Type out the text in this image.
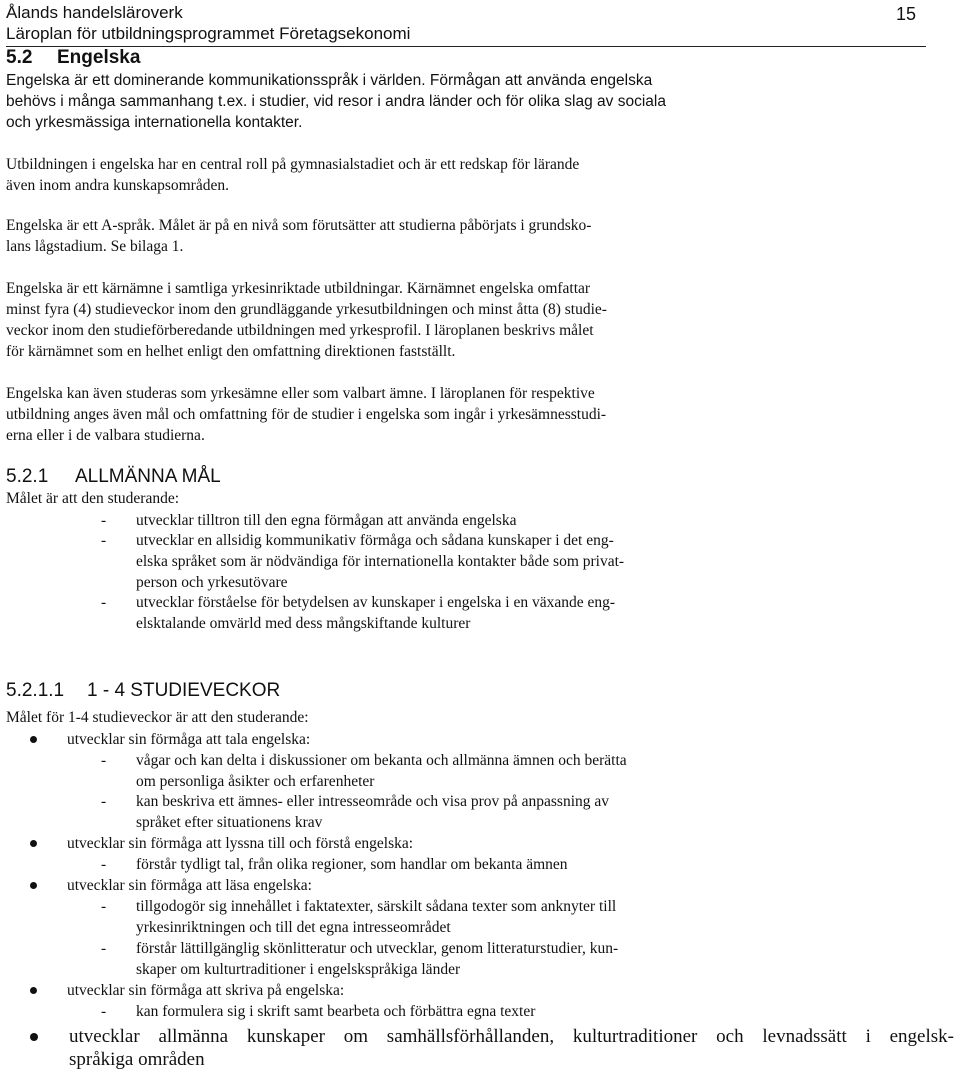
Ålands handelsläroverk
Läroplan för utbildningsprogrammet Företagsekonomi
15
5.2 Engelska
Engelska är ett dominerande kommunikationsspråk i världen. Förmågan att använda engelska
behövs i många sammanhang t.ex. i studier, vid resor i andra länder och för olika slag av sociala
och yrkesmässiga internationella kontakter.
Utbildningen i engelska har en central roll på gymnasialstadiet och är ett redskap för lärande
även inom andra kunskapsområden.
Engelska är ett A-språk. Målet är på en nivå som förutsätter att studierna påbörjats i grundsko-
lans lågstadium. Se bilaga 1.
Engelska är ett kärnämne i samtliga yrkesinriktade utbildningar. Kärnämnet engelska omfattar
minst fyra (4) studieveckor inom den grundläggande yrkesutbildningen och minst åtta (8) studie-
veckor inom den studieförberedande utbildningen med yrkesprofil. I läroplanen beskrivs målet
för kärnämnet som en helhet enligt den omfattning direktionen fastställt.
Engelska kan även studeras som yrkesämne eller som valbart ämne. I läroplanen för respektive
utbildning anges även mål och omfattning för de studier i engelska som ingår i yrkesämnesstudi-
erna eller i de valbara studierna.
5.2.1 ALLMÄNNA MÅL
Målet är att den studerande:
- utvecklar tilltron till den egna förmågan att använda engelska
- utvecklar en allsidig kommunikativ förmåga och sådana kunskaper i det eng-
elska språket som är nödvändiga för internationella kontakter både som privat-
person och yrkesutövare
- utvecklar förståelse för betydelsen av kunskaper i engelska i en växande eng-
elsktalande omvärld med dess mångskiftande kulturer
5.2.1.1 1 - 4 STUDIEVECKOR
Målet för 1-4 studieveckor är att den studerande:
utvecklar sin förmåga att tala engelska:
- vågar och kan delta i diskussioner om bekanta och allmänna ämnen och berätta
om personliga åsikter och erfarenheter
- kan beskriva ett ämnes- eller intresseområde och visa prov på anpassning av
språket efter situationens krav
utvecklar sin förmåga att lyssna till och förstå engelska:
- förstår tydligt tal, från olika regioner, som handlar om bekanta ämnen
utvecklar sin förmåga att läsa engelska:
- tillgodogör sig innehållet i faktatexter, särskilt sådana texter som anknyter till
yrkesinriktningen och till det egna intresseområdet
- förstår lättillgänglig skönlitteratur och utvecklar, genom litteraturstudier, kun-
skaper om kulturtraditioner i engelskspråkiga länder
utvecklar sin förmåga att skriva på engelska:
- kan formulera sig i skrift samt bearbeta och förbättra egna texter
utvecklar allmänna kunskaper om samhällsförhållanden, kulturtraditioner och levnadssätt i engelsk-
språkiga områden
